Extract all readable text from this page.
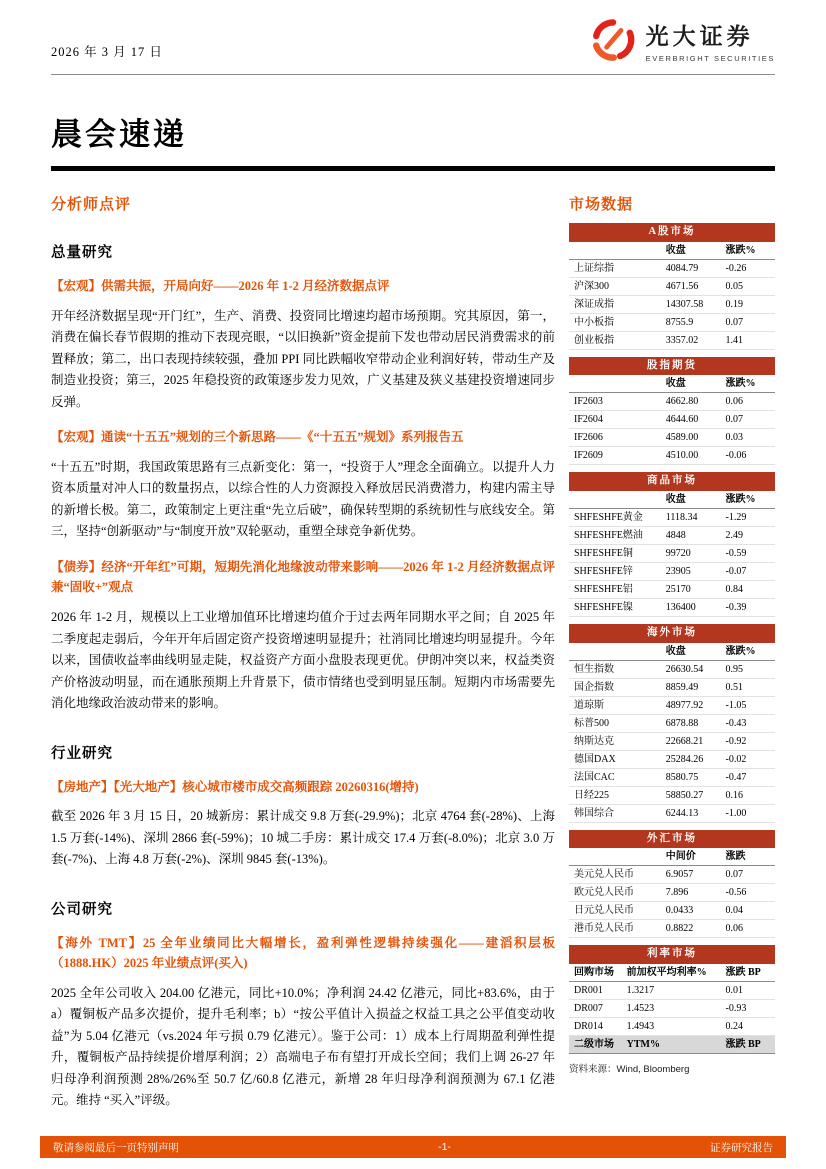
2026 年 3 月 17 日
光大证券
EVERBRIGHT SECURITIES
晨会速递
分析师点评
总量研究
【宏观】供需共振，开局向好——2026 年 1-2 月经济数据点评
开年经济数据呈现“开门红”，生产、消费、投资同比增速均超市场预期。究其原因，第一，消费在偏长春节假期的推动下表现亮眼，“以旧换新”资金提前下发也带动居民消费需求的前置释放；第二，出口表现持续较强，叠加 PPI 同比跌幅收窄带动企业利润好转，带动生产及制造业投资；第三，2025 年稳投资的政策逐步发力见效，广义基建及狭义基建投资增速同步反弹。
【宏观】通读“十五五”规划的三个新思路——《“十五五”规划》系列报告五
“十五五”时期，我国政策思路有三点新变化：第一，“投资于人”理念全面确立。以提升人力资本质量对冲人口的数量拐点，以综合性的人力资源投入释放居民消费潜力，构建内需主导的新增长极。第二，政策制定上更注重“先立后破”，确保转型期的系统韧性与底线安全。第三，坚持“创新驱动”与“制度开放”双轮驱动，重塑全球竞争新优势。
【债券】经济“开年红”可期，短期先消化地缘波动带来影响——2026 年 1-2 月经济数据点评兼“固收+”观点
2026 年 1-2 月，规模以上工业增加值环比增速均值介于过去两年同期水平之间；自 2025 年二季度起走弱后，今年开年后固定资产投资增速明显提升；社消同比增速均明显提升。今年以来，国债收益率曲线明显走陡，权益资产方面小盘股表现更优。伊朗冲突以来，权益类资产价格波动明显，而在通胀预期上升背景下，债市情绪也受到明显压制。短期内市场需要先消化地缘政治波动带来的影响。
行业研究
【房地产】【光大地产】核心城市楼市成交高频跟踪 20260316(增持)
截至 2026 年 3 月 15 日，20 城新房：累计成交 9.8 万套(-29.9%)；北京 4764 套(-28%)、上海 1.5 万套(-14%)、深圳 2866 套(-59%)；10 城二手房：累计成交 17.4 万套(-8.0%)；北京 3.0 万套(-7%)、上海 4.8 万套(-2%)、深圳 9845 套(-13%)。
公司研究
【海外 TMT】25 全年业绩同比大幅增长，盈利弹性逻辑持续强化——建滔积层板（1888.HK）2025 年业绩点评(买入)
2025 全年公司收入 204.00 亿港元，同比+10.0%；净利润 24.42 亿港元，同比+83.6%，由于 a）覆铜板产品多次提价，提升毛利率；b）“按公平值计入损益之权益工具之公平值变动收益”为 5.04 亿港元（vs.2024 年亏损 0.79 亿港元）。鉴于公司：1）成本上行周期盈利弹性提升，覆铜板产品持续提价增厚利润；2）高端电子布有望打开成长空间；我们上调 26-27 年归母净利润预测 28%/26%至 50.7 亿/60.8 亿港元，新增 28 年归母净利润预测为 67.1 亿港元。维持 “买入”评级。
市场数据
A股市场		
	收盘	涨跌%
上证综指	4084.79	-0.26
沪深300	4671.56	0.05
深证成指	14307.58	0.19
中小板指	8755.9	0.07
创业板指	3357.02	1.41
股指期货		
	收盘	涨跌%
IF2603	4662.80	0.06
IF2604	4644.60	0.07
IF2606	4589.00	0.03
IF2609	4510.00	-0.06
商品市场		
	收盘	涨跌%
SHFESHFE黄金	1118.34	-1.29
SHFESHFE燃油	4848	2.49
SHFESHFE铜	99720	-0.59
SHFESHFE锌	23905	-0.07
SHFESHFE铝	25170	0.84
SHFESHFE镍	136400	-0.39
海外市场		
	收盘	涨跌%
恒生指数	26630.54	0.95
国企指数	8859.49	0.51
道琼斯	48977.92	-1.05
标普500	6878.88	-0.43
纳斯达克	22668.21	-0.92
德国DAX	25284.26	-0.02
法国CAC	8580.75	-0.47
日经225	58850.27	0.16
韩国综合	6244.13	-1.00
外汇市场		
	中间价	涨跌
美元兑人民币	6.9057	0.07
欧元兑人民币	7.896	-0.56
日元兑人民币	0.0433	0.04
港币兑人民币	0.8822	0.06
利率市场		
回购市场	前加权平均利率%	涨跌 BP
DR001	1.3217	0.01
DR007	1.4523	-0.93
DR014	1.4943	0.24
二级市场	YTM%	涨跌 BP
资料来源：Wind, Bloomberg
敬请参阅最后一页特别声明	-1-	证券研究报告
